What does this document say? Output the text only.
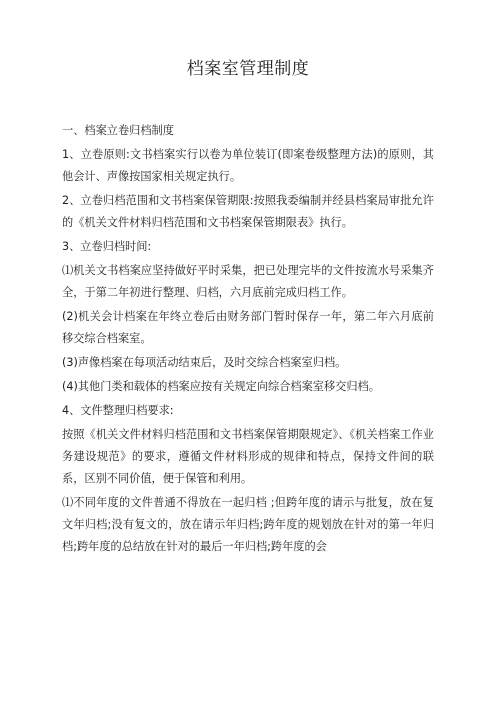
档案室管理制度

一、档案立卷归档制度

1、立卷原则:文书档案实行以卷为单位装订(即案卷级整理方法)的原则，其他会计、声像按国家相关规定执行。

2、立卷归档范围和文书档案保管期限:按照我委编制并经县档案局审批允许的《机关文件材料归档范围和文书档案保管期限表》执行。

3、立卷归档时间:

⑴机关文书档案应坚持做好平时采集，把已处理完毕的文件按流水号采集齐全，于第二年初进行整理、归档，六月底前完成归档工作。

(2)机关会计档案在年终立卷后由财务部门暂时保存一年，第二年六月底前移交综合档案室。

(3)声像档案在每项活动结束后，及时交综合档案室归档。

(4)其他门类和载体的档案应按有关规定向综合档案室移交归档。

4、文件整理归档要求:

按照《机关文件材料归档范围和文书档案保管期限规定》、《机关档案工作业务建设规范》的要求，遵循文件材料形成的规律和特点，保持文件间的联系，区别不同价值，便于保管和利用。

⑴不同年度的文件普通不得放在一起归档 ;但跨年度的请示与批复，放在复文年归档;没有复文的，放在请示年归档;跨年度的规划放在针对的第一年归档;跨年度的总结放在针对的最后一年归档;跨年度的会
